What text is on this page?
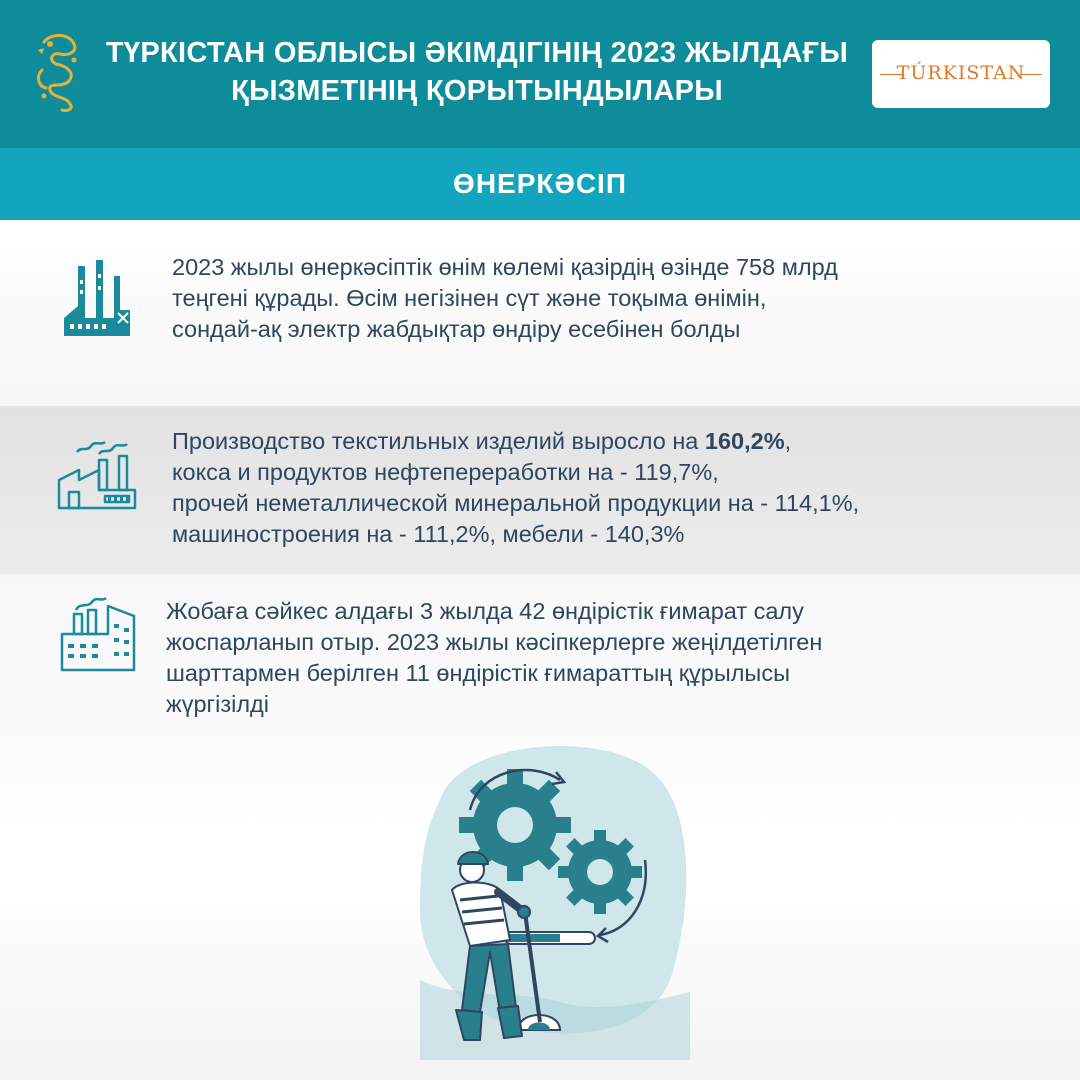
ТҮРКІСТАН ОБЛЫСЫ ӘКІМДІГІНІҢ 2023 ЖЫЛДАҒЫ
ҚЫЗМЕТІНІҢ ҚОРЫТЫНДЫЛАРЫ
TÚRKISTAN
ӨНЕРКӘСІП
2023 жылы өнеркәсіптік өнім көлемі қазірдің өзінде 758 млрд
теңгені құрады. Өсім негізінен сүт және тоқыма өнімін,
сондай-ақ электр жабдықтар өндіру есебінен болды
Производство текстильных изделий выросло на 160,2%,
кокса и продуктов нефтепереработки на - 119,7%,
прочей неметаллической минеральной продукции на - 114,1%,
машиностроения на - 111,2%, мебели - 140,3%
Жобаға сәйкес алдағы 3 жылда 42 өндірістік ғимарат салу
жоспарланып отыр. 2023 жылы кәсіпкерлерге жеңілдетілген
шарттармен берілген 11 өндірістік ғимараттың құрылысы
жүргізілді
